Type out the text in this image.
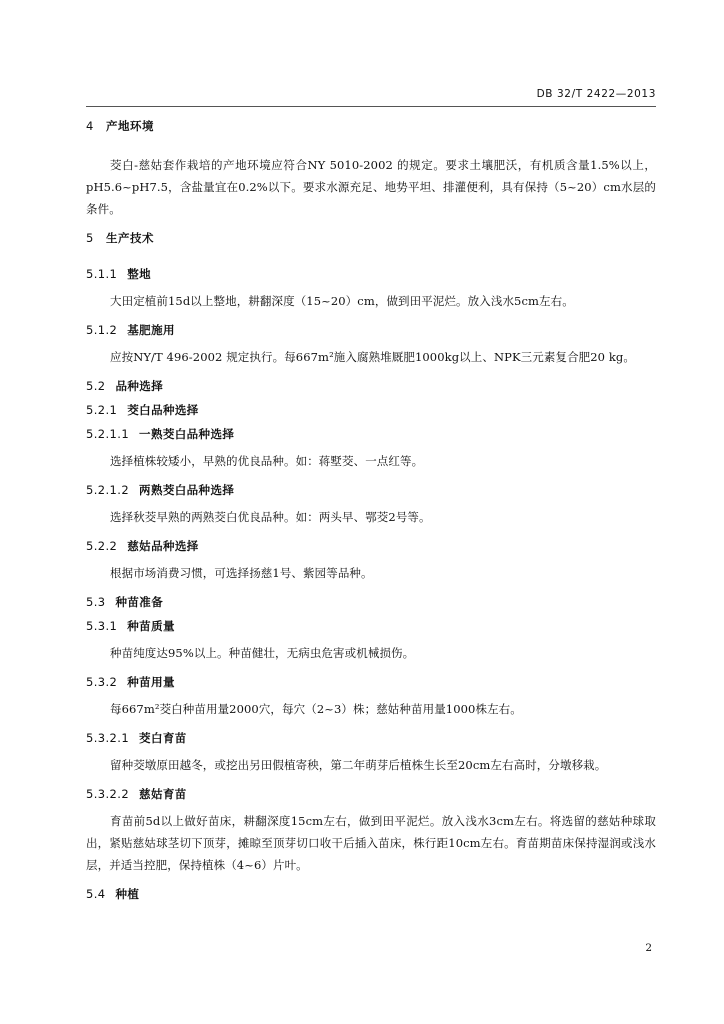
DB 32/T 2422—2013
4 产地环境

茭白-慈姑套作栽培的产地环境应符合NY 5010-2002 的规定。要求土壤肥沃，有机质含量1.5%以上，pH5.6~pH7.5，含盐量宜在0.2%以下。要求水源充足、地势平坦、排灌便利，具有保持（5~20）cm水层的条件。

5 生产技术
5.1.1 整地

大田定植前15d以上整地，耕翻深度（15~20）cm，做到田平泥烂。放入浅水5cm左右。

5.1.2 基肥施用

应按NY/T 496-2002 规定执行。每667m²施入腐熟堆厩肥1000kg以上、NPK三元素复合肥20 kg。

5.2 品种选择
5.2.1 茭白品种选择
5.2.1.1 一熟茭白品种选择

选择植株较矮小，早熟的优良品种。如：蒋墅茭、一点红等。

5.2.1.2 两熟茭白品种选择

选择秋茭早熟的两熟茭白优良品种。如：两头早、鄂茭2号等。

5.2.2 慈姑品种选择

根据市场消费习惯，可选择扬慈1号、紫园等品种。

5.3 种苗准备
5.3.1 种苗质量

种苗纯度达95%以上。种苗健壮，无病虫危害或机械损伤。

5.3.2 种苗用量

每667m²茭白种苗用量2000穴，每穴（2~3）株；慈姑种苗用量1000株左右。

5.3.2.1 茭白育苗

留种茭墩原田越冬，或挖出另田假植寄秧，第二年萌芽后植株生长至20cm左右高时，分墩移栽。

5.3.2.2 慈姑育苗

育苗前5d以上做好苗床，耕翻深度15cm左右，做到田平泥烂。放入浅水3cm左右。将选留的慈姑种球取出，紧贴慈姑球茎切下顶芽，摊晾至顶芽切口收干后插入苗床，株行距10cm左右。育苗期苗床保持湿润或浅水层，并适当控肥，保持植株（4~6）片叶。

5.4 种植
2
